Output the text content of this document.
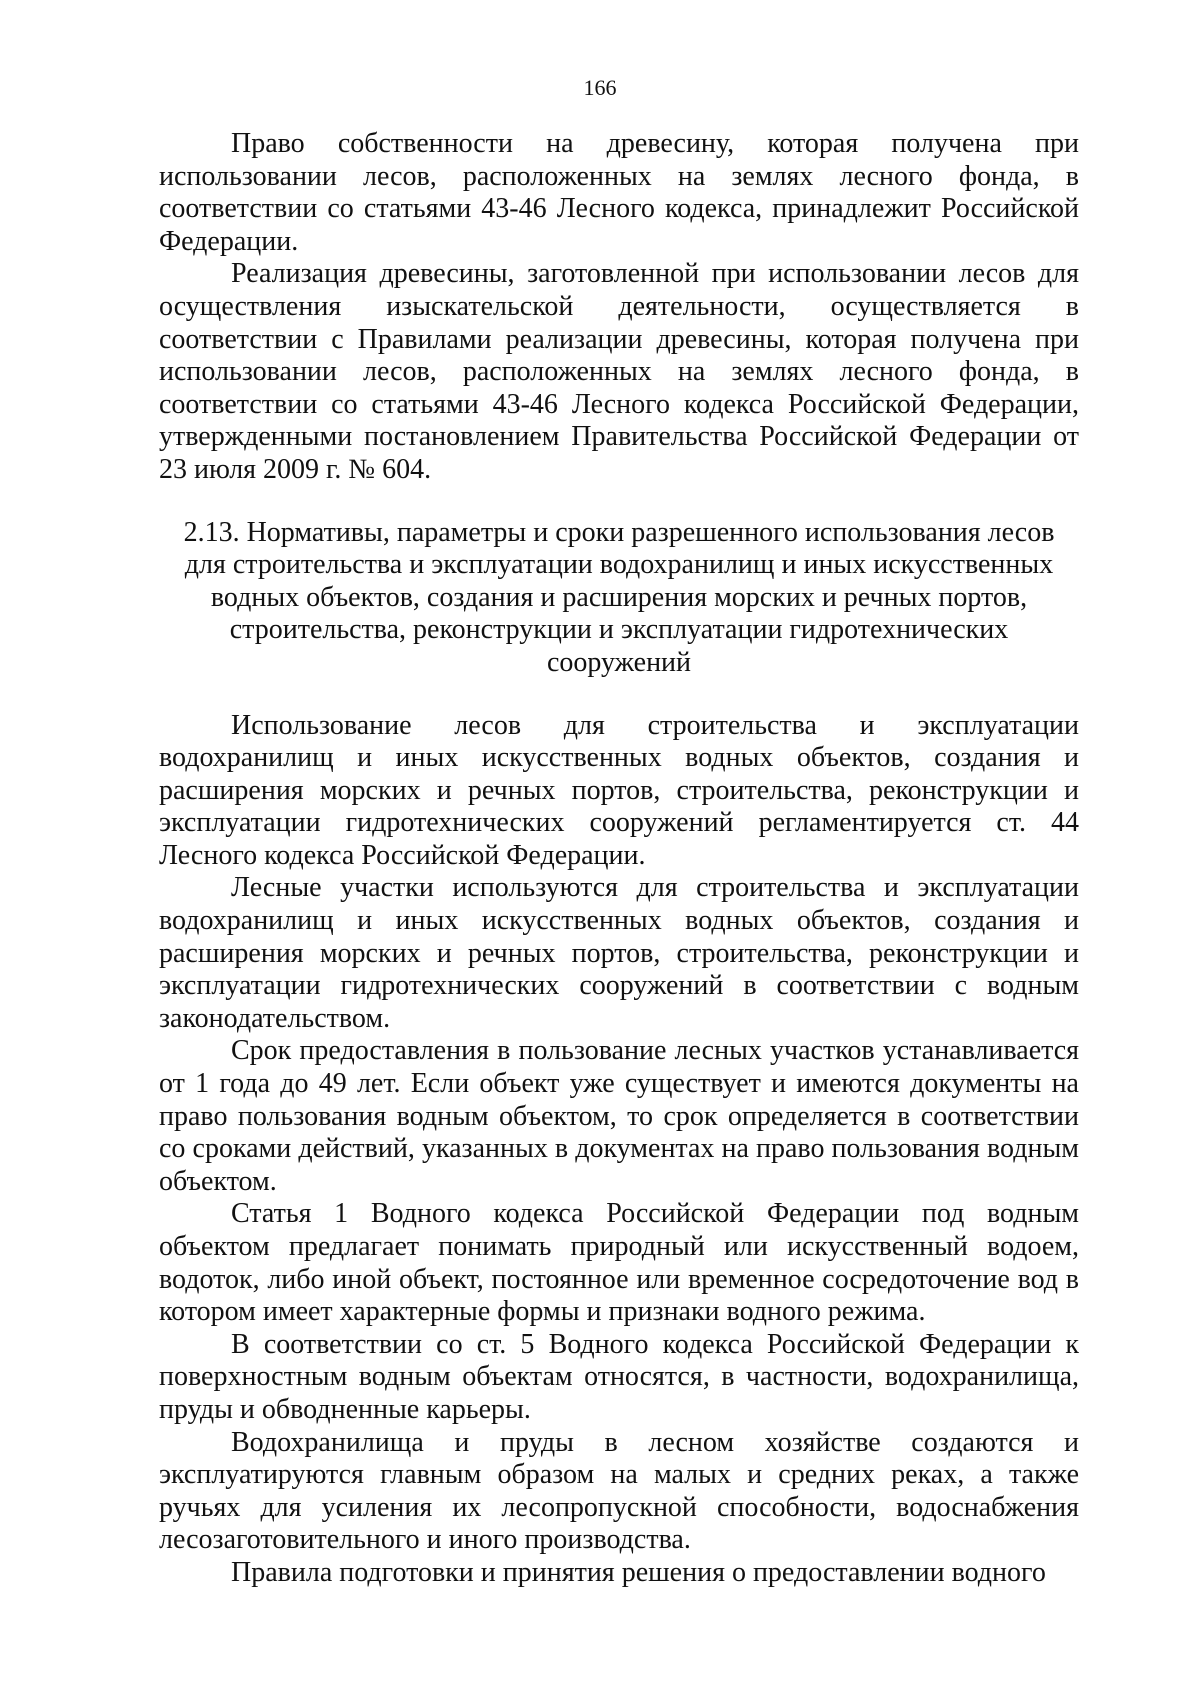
166

Право собственности на древесину, которая получена при использовании лесов, расположенных на землях лесного фонда, в соответствии со статьями 43-46 Лесного кодекса, принадлежит Российской Федерации.

Реализация древесины, заготовленной при использовании лесов для осуществления изыскательской деятельности, осуществляется в соответствии с Правилами реализации древесины, которая получена при использовании лесов, расположенных на землях лесного фонда, в соответствии со статьями 43-46 Лесного кодекса Российской Федерации, утвержденными постановлением Правительства Российской Федерации от 23 июля 2009 г. № 604.

2.13. Нормативы, параметры и сроки разрешенного использования лесов для строительства и эксплуатации водохранилищ и иных искусственных водных объектов, создания и расширения морских и речных портов, строительства, реконструкции и эксплуатации гидротехнических сооружений

Использование лесов для строительства и эксплуатации водохранилищ и иных искусственных водных объектов, создания и расширения морских и речных портов, строительства, реконструкции и эксплуатации гидротехнических сооружений регламентируется ст. 44 Лесного кодекса Российской Федерации.

Лесные участки используются для строительства и эксплуатации водохранилищ и иных искусственных водных объектов, создания и расширения морских и речных портов, строительства, реконструкции и эксплуатации гидротехнических сооружений в соответствии с водным законодательством.

Срок предоставления в пользование лесных участков устанавливается от 1 года до 49 лет. Если объект уже существует и имеются документы на право пользования водным объектом, то срок определяется в соответствии со сроками действий, указанных в документах на право пользования водным объектом.

Статья 1 Водного кодекса Российской Федерации под водным объектом предлагает понимать природный или искусственный водоем, водоток, либо иной объект, постоянное или временное сосредоточение вод в котором имеет характерные формы и признаки водного режима.

В соответствии со ст. 5 Водного кодекса Российской Федерации к поверхностным водным объектам относятся, в частности, водохранилища, пруды и обводненные карьеры.

Водохранилища и пруды в лесном хозяйстве создаются и эксплуатируются главным образом на малых и средних реках, а также ручьях для усиления их лесопропускной способности, водоснабжения лесозаготовительного и иного производства.

Правила подготовки и принятия решения о предоставлении водного
